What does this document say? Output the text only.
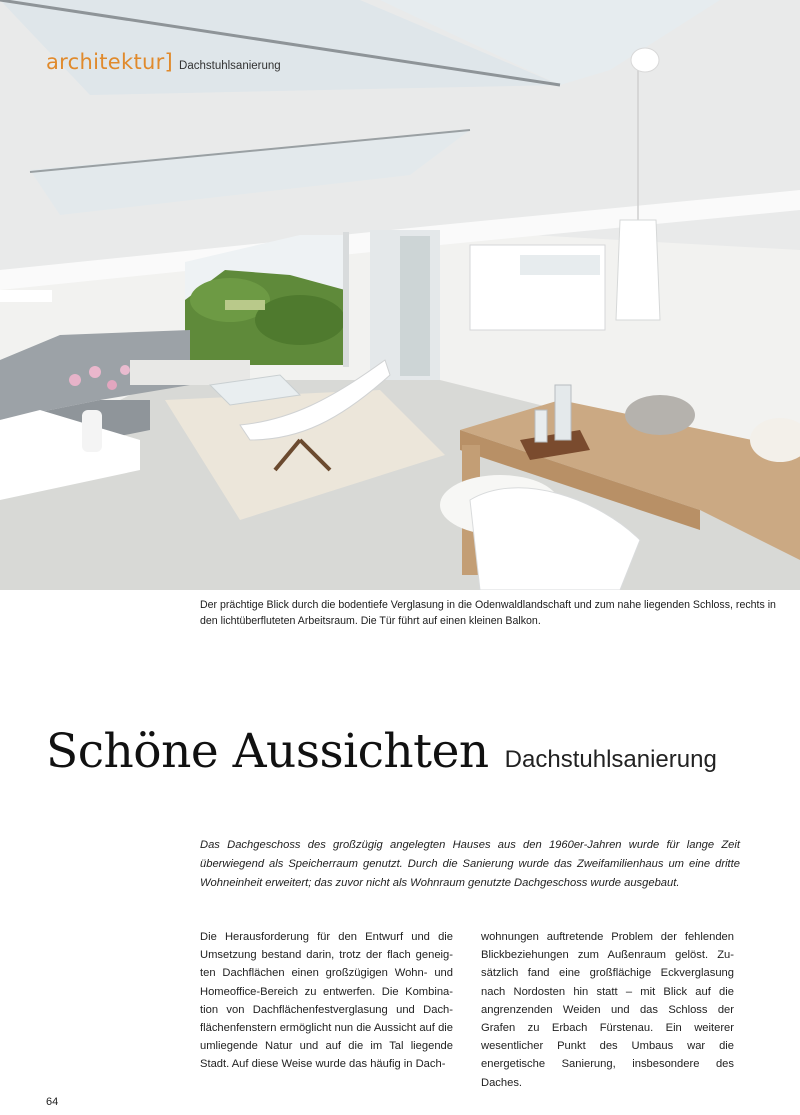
architektur] Dachstuhlsanierung
Der prächtige Blick durch die bodentiefe Verglasung in die Odenwaldlandschaft und zum nahe liegenden Schloss, rechts in den lichtüberfluteten Arbeitsraum. Die Tür führt auf einen kleinen Balkon.
Schöne Aussichten Dachstuhlsanierung
Das Dachgeschoss des großzügig angelegten Hauses aus den 1960er-Jahren wurde für lange Zeit überwiegend als Speicherraum genutzt. Durch die Sanierung wurde das Zweifamilienhaus um eine dritte Wohneinheit erweitert; das zuvor nicht als Wohnraum genutzte Dachgeschoss wurde ausgebaut.
Die Herausforderung für den Entwurf und die Umsetzung bestand darin, trotz der flach geneigten Dachflächen einen großzügigen Wohn- und Homeoffice-Bereich zu entwerfen. Die Kombination von Dachflächenfestverglasung und Dachflächenfenstern ermöglicht nun die Aussicht auf die umliegende Natur und auf die im Tal liegende Stadt. Auf diese Weise wurde das häufig in Dach-
wohnungen auftretende Problem der fehlenden Blickbeziehungen zum Außenraum gelöst. Zusätzlich fand eine großflächige Eckverglasung nach Nordosten hin statt – mit Blick auf die angrenzenden Weiden und das Schloss der Grafen zu Erbach Fürstenau. Ein weiterer wesentlicher Punkt des Umbaus war die energetische Sanierung, insbesondere des Daches.
64
